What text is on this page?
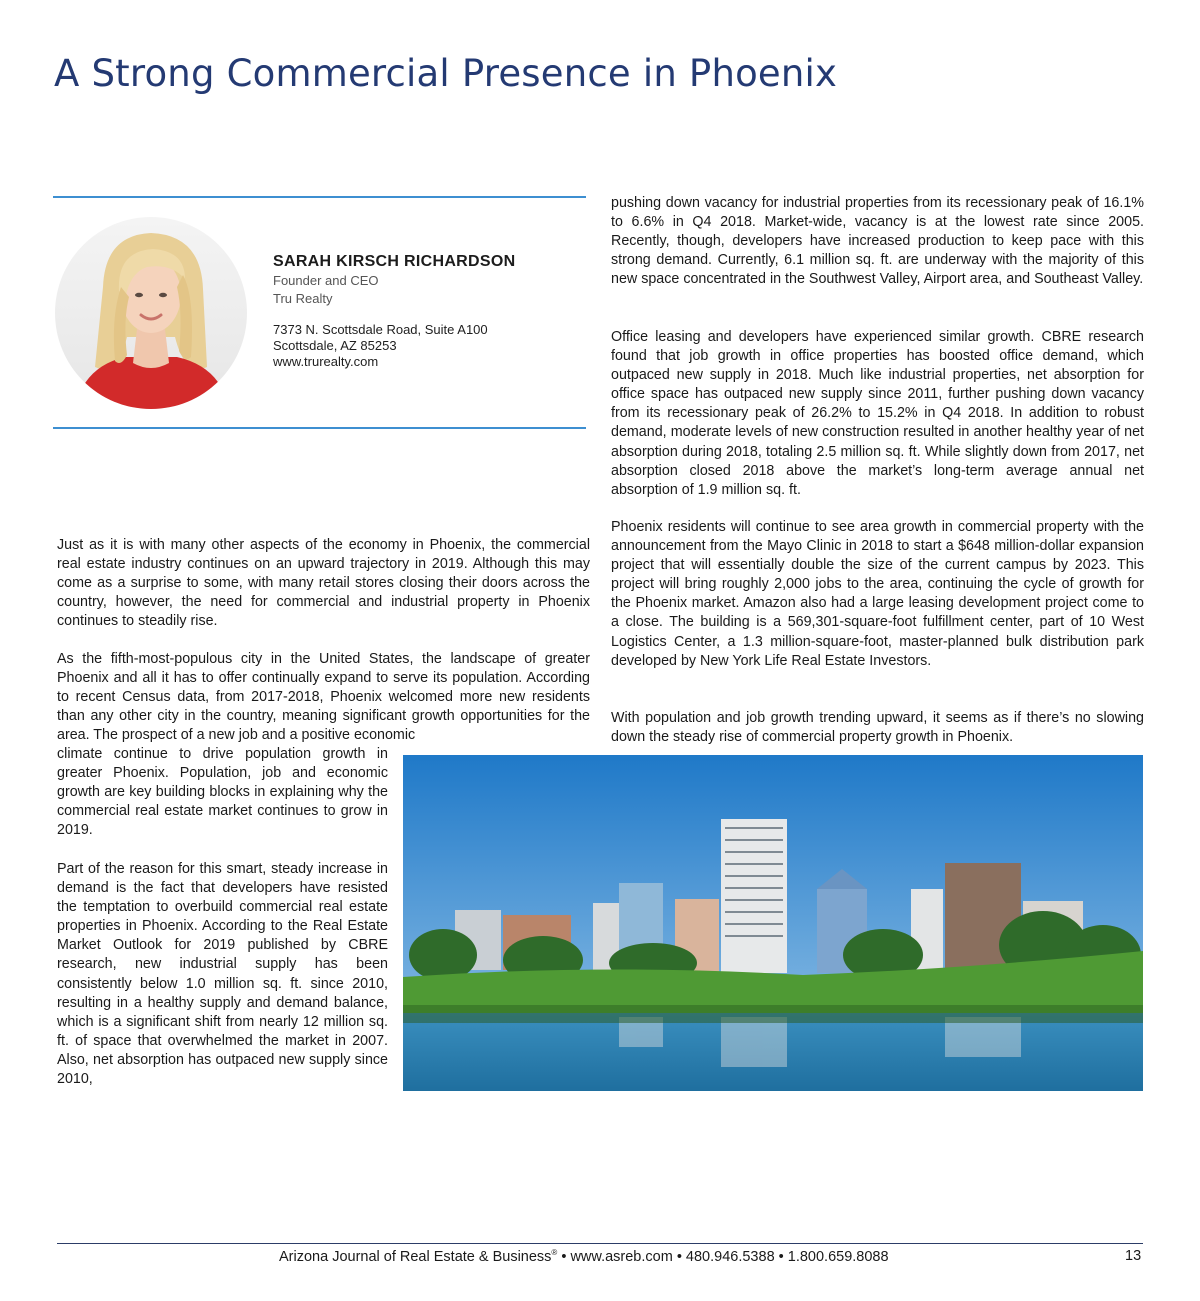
A Strong Commercial Presence in Phoenix
SARAH KIRSCH RICHARDSON
Founder and CEO
Tru Realty
7373 N. Scottsdale Road, Suite A100
Scottsdale, AZ 85253
www.trurealty.com

Just as it is with many other aspects of the economy in Phoenix, the commercial real estate industry continues on an upward trajectory in 2019. Although this may come as a surprise to some, with many retail stores closing their doors across the country, however, the need for commercial and industrial property in Phoenix continues to steadily rise.

As the fifth-most-populous city in the United States, the landscape of greater Phoenix and all it has to offer continually expand to serve its population. According to recent Census data, from 2017-2018, Phoenix welcomed more new residents than any other city in the country, meaning significant growth opportunities for the area. The prospect of a new job and a positive economic

climate continue to drive population growth in greater Phoenix. Population, job and economic growth are key building blocks in explaining why the commercial real estate market continues to grow in 2019.

Part of the reason for this smart, steady increase in demand is the fact that developers have resisted the temptation to overbuild commercial real estate properties in Phoenix. According to the Real Estate Market Outlook for 2019 published by CBRE research, new industrial supply has been consistently below 1.0 million sq. ft. since 2010, resulting in a healthy supply and demand balance, which is a significant shift from nearly 12 million sq. ft. of space that overwhelmed the market in 2007. Also, net absorption has outpaced new supply since 2010,

pushing down vacancy for industrial properties from its recessionary peak of 16.1% to 6.6% in Q4 2018. Market-wide, vacancy is at the lowest rate since 2005. Recently, though, developers have increased production to keep pace with this strong demand. Currently, 6.1 million sq. ft. are underway with the majority of this new space concentrated in the Southwest Valley, Airport area, and Southeast Valley.

Office leasing and developers have experienced similar growth. CBRE research found that job growth in office properties has boosted office demand, which outpaced new supply in 2018. Much like industrial properties, net absorption for office space has outpaced new supply since 2011, further pushing down vacancy from its recessionary peak of 26.2% to 15.2% in Q4 2018. In addition to robust demand, moderate levels of new construction resulted in another healthy year of net absorption during 2018, totaling 2.5 million sq. ft. While slightly down from 2017, net absorption closed 2018 above the market’s long-term average annual net absorption of 1.9 million sq. ft.

Phoenix residents will continue to see area growth in commercial property with the announcement from the Mayo Clinic in 2018 to start a $648 million-dollar expansion project that will essentially double the size of the current campus by 2023. This project will bring roughly 2,000 jobs to the area, continuing the cycle of growth for the Phoenix market. Amazon also had a large leasing development project come to a close. The building is a 569,301-square-foot fulfillment center, part of 10 West Logistics Center, a 1.3 million-square-foot, master-planned bulk distribution park developed by New York Life Real Estate Investors.

With population and job growth trending upward, it seems as if there’s no slowing down the steady rise of commercial property growth in Phoenix.

Arizona Journal of Real Estate & Business® • www.asreb.com • 480.946.5388 • 1.800.659.8088	13
